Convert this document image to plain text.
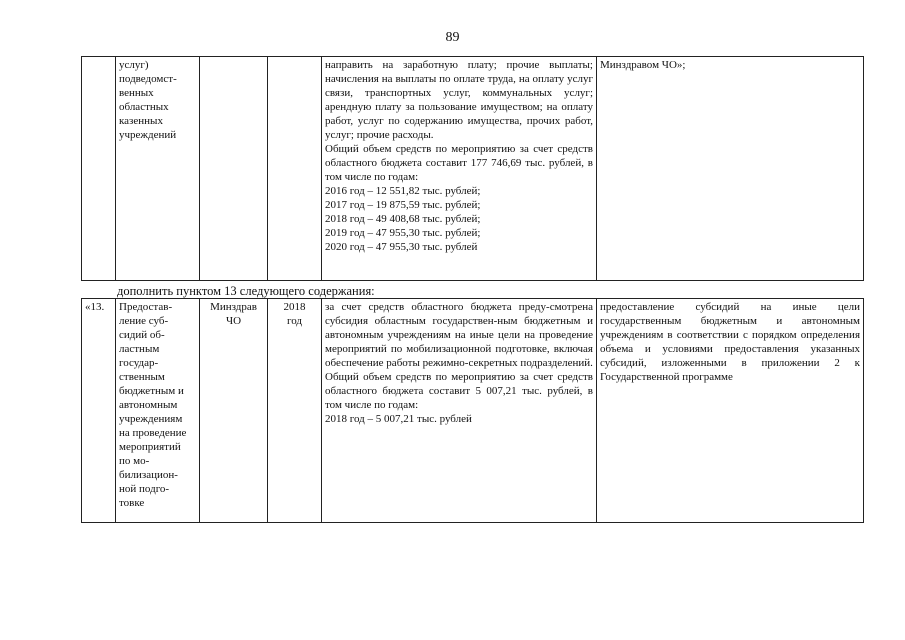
89
	услуг)
подведомст-
венных
областных
казенных
учреждений			направить на заработную плату; прочие выплаты; начисления на выплаты по оплате труда, на оплату услуг связи, транспортных услуг, коммунальных услуг; арендную плату за пользование имуществом; на оплату работ, услуг по содержанию имущества, прочих работ, услуг; прочие расходы.
Общий объем средств по мероприятию за счет средств областного бюджета составит 177 746,69 тыс. рублей, в том числе по годам:
2016 год – 12 551,82 тыс. рублей;
2017 год – 19 875,59 тыс. рублей;
2018 год – 49 408,68 тыс. рублей;
2019 год – 47 955,30 тыс. рублей;
2020 год – 47 955,30 тыс. рублей	Минздравом ЧО»;
дополнить пунктом 13 следующего содержания:
«13.	Предостав-
ление суб-
сидий об-
ластным
государ-
ственным
бюджетным и
автономным
учреждениям
на проведение
мероприятий
по мо-
билизацион-
ной подго-
товке	Минздрав
ЧО	2018
год	за счет средств областного бюджета преду-смотрена субсидия областным государствен-ным бюджетным и автономным учреждениям на иные цели на проведение мероприятий по мобилизационной подготовке, включая обеспечение работы режимно-секретных подразделений.
Общий объем средств по мероприятию за счет средств областного бюджета составит 5 007,21 тыс. рублей, в том числе по годам:
2018 год – 5 007,21 тыс. рублей	предоставление субсидий на иные цели государственным бюджетным и автономным учреждениям в соответствии с порядком определения объема и условиями предоставления указанных субсидий, изложенными в приложении 2 к Государственной программе
